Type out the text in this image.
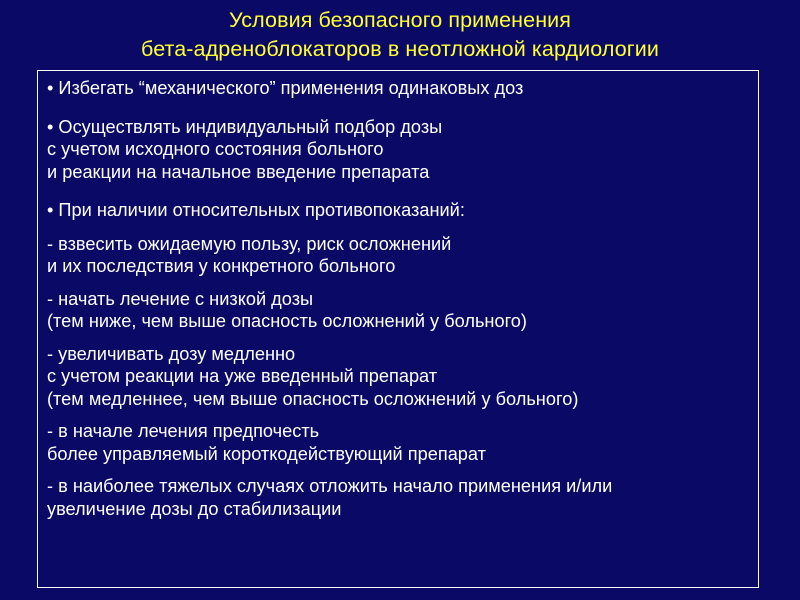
Условия безопасного применения
бета-адреноблокаторов в неотложной кардиологии

• Избегать “механического” применения одинаковых доз

• Осуществлять индивидуальный подбор дозы
с учетом исходного состояния больного
и реакции на начальное введение препарата

• При наличии относительных противопоказаний:

- взвесить ожидаемую пользу, риск осложнений
и их последствия у конкретного больного

- начать лечение с низкой дозы
(тем ниже, чем выше опасность осложнений у больного)

- увеличивать дозу медленно
с учетом реакции на уже введенный препарат
(тем медленнее, чем выше опасность осложнений у больного)

- в начале лечения предпочесть
более управляемый короткодействующий препарат

- в наиболее тяжелых случаях отложить начало применения и/или
увеличение дозы до стабилизации
